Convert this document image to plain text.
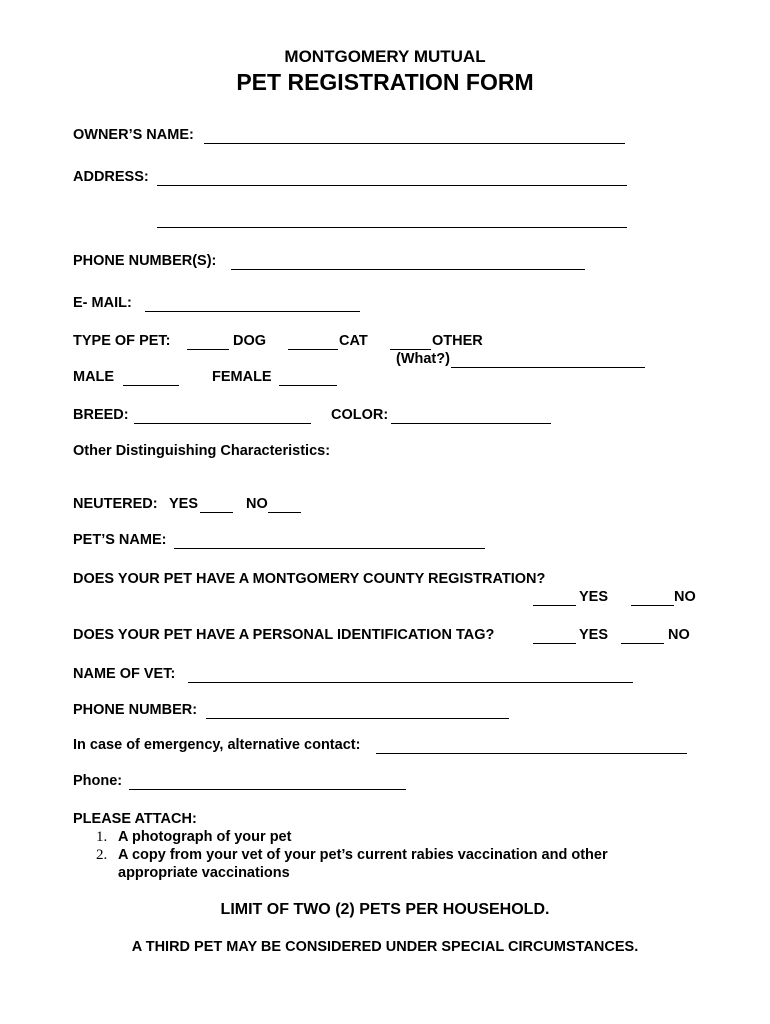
MONTGOMERY MUTUAL
PET REGISTRATION FORM
OWNER’S NAME:
ADDRESS:
PHONE NUMBER(S):
E- MAIL:
TYPE OF PET:	DOG	CAT	OTHER
(What?)
MALE	FEMALE
BREED:	COLOR:
Other Distinguishing Characteristics:
NEUTERED: YES	NO
PET’S NAME:
DOES YOUR PET HAVE A MONTGOMERY COUNTY REGISTRATION?
YES	NO
DOES YOUR PET HAVE A PERSONAL IDENTIFICATION TAG?	YES	NO
NAME OF VET:
PHONE NUMBER:
In case of emergency, alternative contact:
Phone:
PLEASE ATTACH:
1. A photograph of your pet
2. A copy from your vet of your pet’s current rabies vaccination and other
appropriate vaccinations
LIMIT OF TWO (2) PETS PER HOUSEHOLD.
A THIRD PET MAY BE CONSIDERED UNDER SPECIAL CIRCUMSTANCES.
